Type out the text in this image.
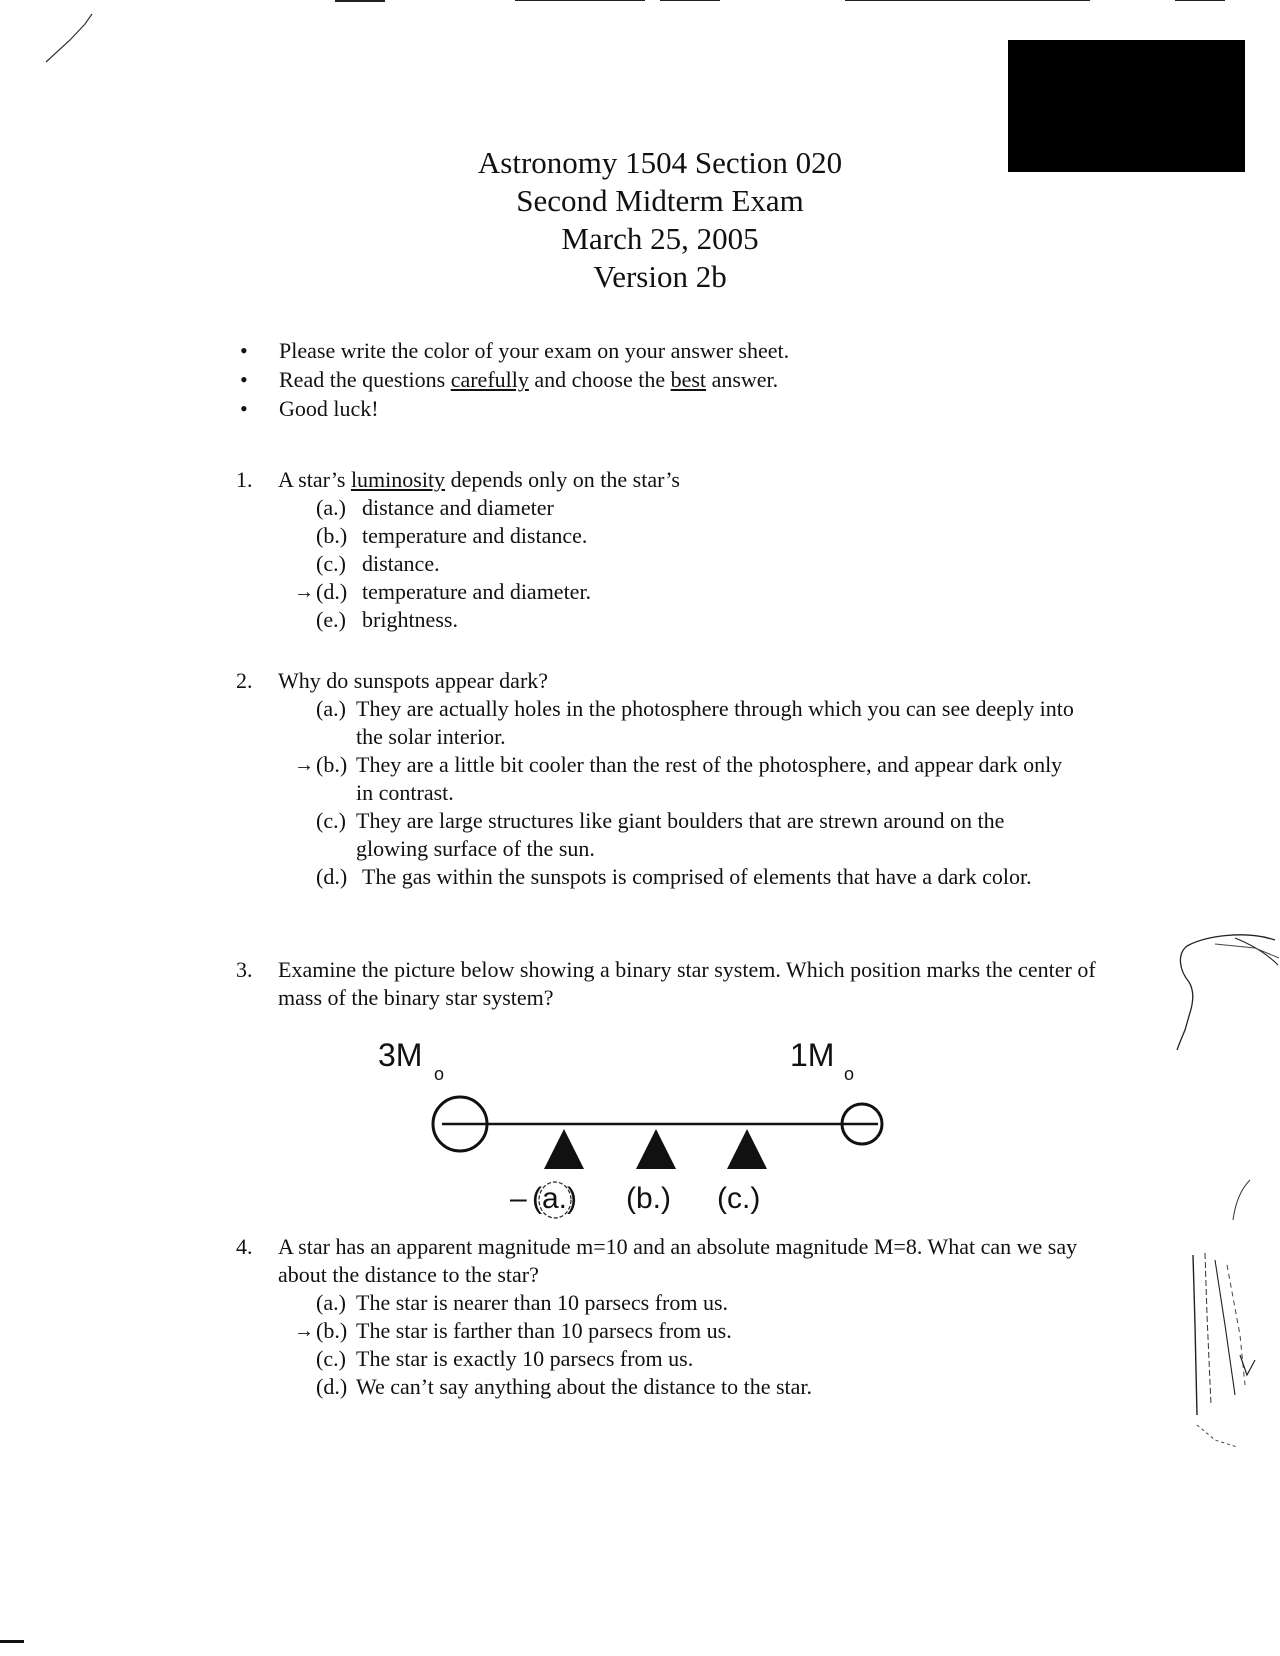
Astronomy 1504 Section 020
Second Midterm Exam
March 25, 2005
Version 2b
• Please write the color of your exam on your answer sheet.
• Read the questions carefully and choose the best answer.
• Good luck!
1. A star’s luminosity depends only on the star’s
(a.) distance and diameter
(b.) temperature and distance.
(c.) distance.
→ (d.) temperature and diameter.
(e.) brightness.
2. Why do sunspots appear dark?
(a.) They are actually holes in the photosphere through which you can see deeply into the solar interior.
→ (b.) They are a little bit cooler than the rest of the photosphere, and appear dark only in contrast.
(c.) They are large structures like giant boulders that are strewn around on the glowing surface of the sun.
(d.) The gas within the sunspots is comprised of elements that have a dark color.
3. Examine the picture below showing a binary star system. Which position marks the center of mass of the binary star system?
3M
o
1M
o
– (a.) (b.) (c.)
4. A star has an apparent magnitude m=10 and an absolute magnitude M=8. What can we say about the distance to the star?
(a.) The star is nearer than 10 parsecs from us.
→ (b.) The star is farther than 10 parsecs from us.
(c.) The star is exactly 10 parsecs from us.
(d.) We can’t say anything about the distance to the star.
